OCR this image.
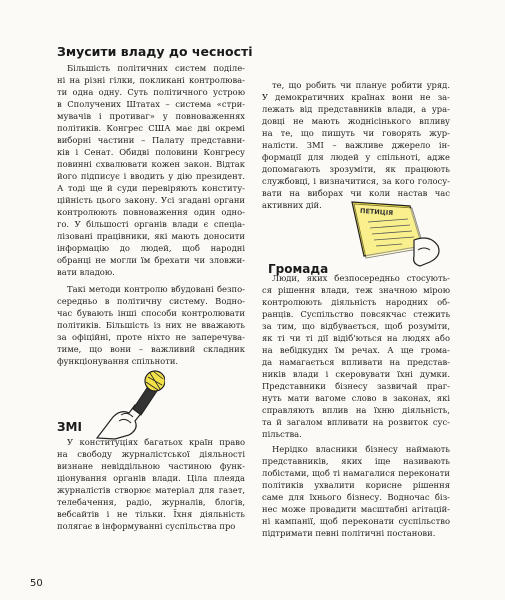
Змусити владу до чесності
Більшість політичних систем поділе-
ні на різні гілки, покликані контролюва-
ти одна одну. Суть політичного устрою
в Сполучених Штатах – система «стри-
мувачів і противаг» у повноваженнях
політиків. Конгрес США має дві окремі
виборні частини – Палату представни-
ків і Сенат. Обидві половини Конгресу
повинні схвалювати кожен закон. Відтак
його підписує і вводить у дію президент.
А тоді ще й суди перевіряють конститу-
ційність цього закону. Усі згадані органи
контролюють повноваження один одно-
го. У більшості органів влади є спеціа-
лізовані працівники, які мають доносити
інформацію до людей, щоб народні
обранці не могли їм брехати чи зловжи-
вати владою.
Такі методи контролю вбудовані безпо-
середньо в політичну систему. Водно-
час бувають інші способи контролювати
політиків. Більшість із них не вважають
за офіційні, проте ніхто не заперечува-
тиме, що вони – важливий складник
функціонування спільноти.
ЗМІ
У конституціях багатьох країн право
на свободу журналістської діяльності
визнане невіддільною частиною функ-
ціонування органів влади. Ціла плеяда
журналістів створює матеріал для газет,
телебачення, радіо, журналів, блогів,
вебсайтів і не тільки. Їхня діяльність
полягає в інформуванні суспільства про
те, що робить чи планує робити уряд.
У демократичних країнах вони не за-
лежать від представників влади, а ура-
довці не мають жоднісінького впливу
на те, що пишуть чи говорять жур-
налісти. ЗМІ – важливе джерело ін-
формації для людей у спільноті, адже
допомагають зрозуміти, як працюють
службовці, і визначитися, за кого голосу-
вати на виборах чи коли настав час
активних дій.
ПЕТИЦІЯ
Громада
Люди, яких безпосередньо стосують-
ся рішення влади, теж значною мірою
контролюють діяльність народних об-
ранців. Суспільство повсякчас стежить
за тим, що відбувається, щоб розуміти,
як ті чи ті дії відіб'ються на людях або
на вебідкуднх їм речах. А ще грома-
да намагається впливати на представ-
ників влади і скеровувати їхні думки.
Представники бізнесу зазвичай праг-
нуть мати вагоме слово в законах, які
справляють вплив на їхню діяльність,
та й загалом впливати на розвиток сус-
пільства.
Нерідко власники бізнесу наймають
представників, яких іще називають
лобістами, щоб ті намагалися переконати
політиків ухвалити корисне рішення
саме для їхнього бізнесу. Водночас біз-
нес може провадити масштабні агітацій-
ні кампанії, щоб переконати суспільство
підтримати певні політичні постанови.
50
